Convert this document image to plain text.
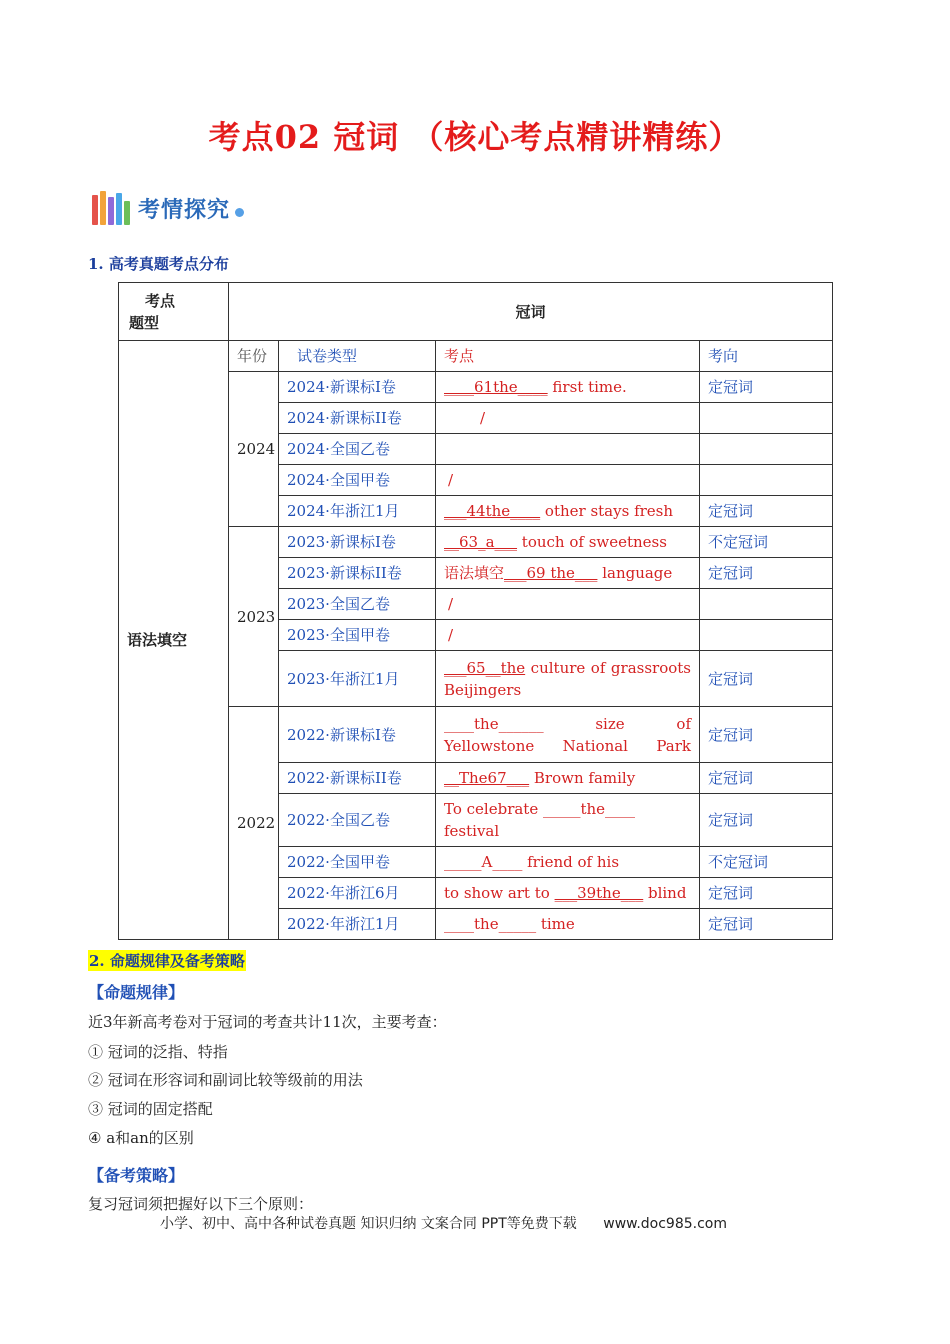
考点02 冠词 （核心考点精讲精练）
考情探究
1. 高考真题考点分布
考点
题型	冠词			
语法填空	年份	试卷类型	考点	考向
	2024	2024·新课标I卷	____61the____ first time.	定冠词
		2024·新课标II卷	/	

		2024·全国乙卷	

		2024·全国甲卷	/	

		2024·年浙江1月	___44the____ other stays fresh	定冠词
	2023	2023·新课标I卷	__63_a___ touch of sweetness	不定冠词
		2023·新课标II卷	语法填空___69 the___ language	定冠词
		2023·全国乙卷	/	

		2023·全国甲卷	/	

		2023·年浙江1月	___65__the culture of grassroots Beijingers	定冠词
	2022	2022·新课标I卷	____the______ size of Yellowstone National Park	定冠词
		2022·新课标II卷	__The67___ Brown family	定冠词
		2022·全国乙卷	To celebrate _____the____ festival	定冠词
		2022·全国甲卷	_____A____ friend of his	不定冠词
		2022·年浙江6月	to show art to ___39the___ blind	定冠词
		2022·年浙江1月	____the_____ time	定冠词
2. 命题规律及备考策略
【命题规律】
近3年新高考卷对于冠词的考查共计11次，主要考查：
① 冠词的泛指、特指
② 冠词在形容词和副词比较等级前的用法
③ 冠词的固定搭配
④ a和an的区别
【备考策略】
复习冠词须把握好以下三个原则：
小学、初中、高中各种试卷真题 知识归纳 文案合同 PPT等免费下载 www.doc985.com
